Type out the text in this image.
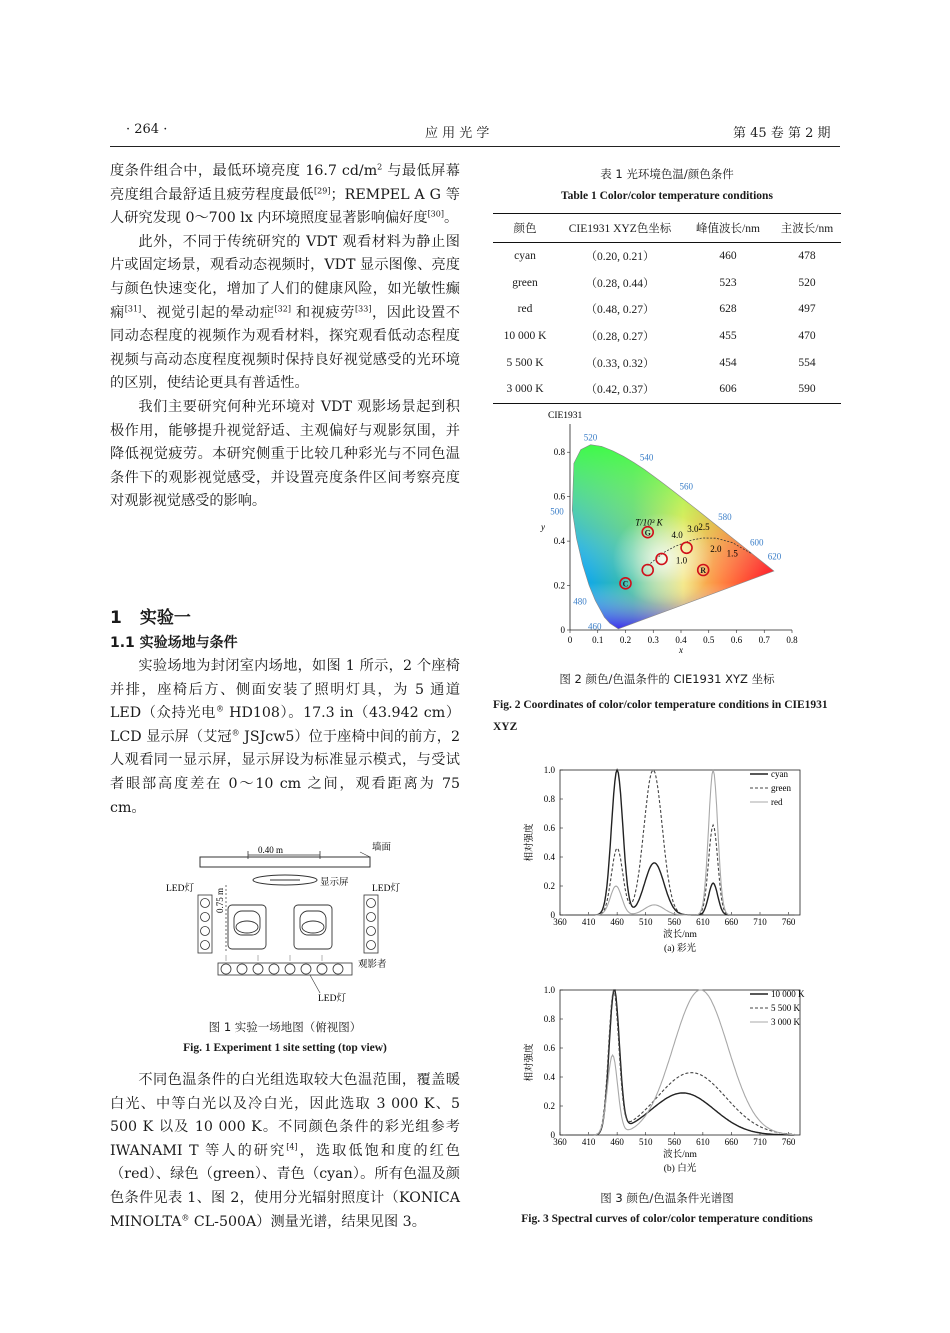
· 264 ·	应 用 光 学	第 45 卷 第 2 期

度条件组合中，最低环境亮度 16.7 $cd/m^2$ 与最低屏幕亮度组合最舒适且疲劳程度最低[29]；REMPEL A G 等人研究发现 0～700 lx 内环境照度显著影响偏好度[30]。

此外，不同于传统研究的 VDT 观看材料为静止图片或固定场景，观看动态视频时，VDT 显示图像、亮度与颜色快速变化，增加了人们的健康风险，如光敏性癫痫[31]、视觉引起的晕动症[32] 和视疲劳[33]，因此设置不同动态程度的视频作为观看材料，探究观看低动态程度视频与高动态度程度视频时保持良好视觉感受的光环境的区别，使结论更具有普适性。

我们主要研究何种光环境对 VDT 观影场景起到积极作用，能够提升视觉舒适、主观偏好与观影氛围，并降低视觉疲劳。本研究侧重于比较几种彩光与不同色温条件下的观影视觉感受，并设置亮度条件区间考察亮度对观影视觉感受的影响。

1 实验一
1.1 实验场地与条件

实验场地为封闭室内场地，如图 1 所示，2 个座椅并排，座椅后方、侧面安装了照明灯具，为 5 通道 LED（众持光电® HD108）。17.3 in（43.942 cm）LCD 显示屏（艾冠® JSJcw5）位于座椅中间的前方，2 人观看同一显示屏，显示屏设为标准显示模式，与受试者眼部高度差在 0～10 cm 之间，观看距离为 75 cm。

0.40 m	墙面
显示屏
0.75 m
LED灯	LED灯
观影者
LED灯
图 1 实验一场地图（俯视图）
Fig. 1 Experiment 1 site setting (top view)

不同色温条件的白光组选取较大色温范围，覆盖暖白光、中等白光以及冷白光，因此选取 3 000 K、5 500 K 以及 10 000 K。不同颜色条件的彩光组参考 IWANAMI T 等人的研究[4]，选取低饱和度的红色（red）、绿色（green）、青色（cyan）。所有色温及颜色条件见表 1、图 2，使用分光辐射照度计（KONICA MINOLTA® CL-500A）测量光谱，结果见图 3。

表 1 光环境色温/颜色条件
Table 1 Color/color temperature conditions
颜色	CIE1931 XYZ色坐标	峰值波长/nm	主波长/nm
cyan	（0.20, 0.21）	460	478
green	（0.28, 0.44）	523	520
red	（0.48, 0.27）	628	497
10 000 K	（0.28, 0.27）	455	470
5 500 K	（0.33, 0.32）	454	554
3 000 K	（0.42, 0.37）	606	590
CIE1931
0 0.1 0.2 0.3 0.4 0.5 0.6 0.7 0.8
0
0.2
0.4
0.6
0.8
x
y
460
480
500
520
540
560
580
600
620
T/10³ K
4.0
3.0 2.5
2.0 1.5
1.0
C
G
R
图 2 颜色/色温条件的 CIE1931 XYZ 坐标
Fig. 2 Coordinates of color/color temperature conditions in CIE1931 XYZ
360 410 460 510 560 610 660 710 760
0
0.2
0.4
0.6
0.8
1.0
波长/nm
(a) 彩光
相对强度
cyan
green
red
360 410 460 510 560 610 660 710 760
0
0.2
0.4
0.6
0.8
1.0
波长/nm
(b) 白光
相对强度
10 000 K
5 500 K
3 000 K
图 3 颜色/色温条件光谱图
Fig. 3 Spectral curves of color/color temperature conditions
